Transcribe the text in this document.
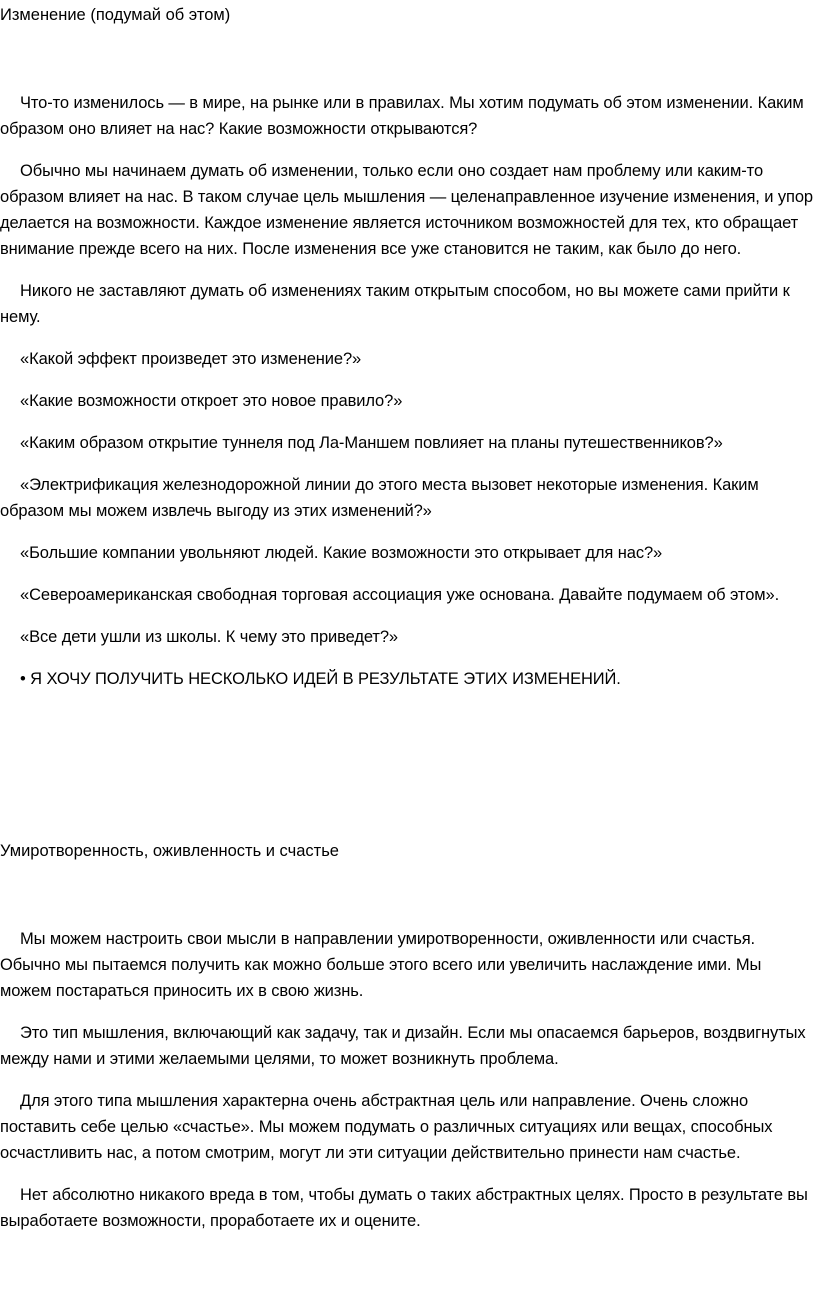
Изменение (подумай об этом)

Что-то изменилось — в мире, на рынке или в правилах. Мы хотим подумать об этом изменении. Каким образом оно влияет на нас? Какие возможности открываются?

Обычно мы начинаем думать об изменении, только если оно создает нам проблему или каким-то образом влияет на нас. В таком случае цель мышления — целенаправленное изучение изменения, и упор делается на возможности. Каждое изменение является источником возможностей для тех, кто обращает внимание прежде всего на них. После изменения все уже становится не таким, как было до него.

Никого не заставляют думать об изменениях таким открытым способом, но вы можете сами прийти к нему.

«Какой эффект произведет это изменение?»

«Какие возможности откроет это новое правило?»

«Каким образом открытие туннеля под Ла-Маншем повлияет на планы путешественников?»

«Электрификация железнодорожной линии до этого места вызовет некоторые изменения. Каким образом мы можем извлечь выгоду из этих изменений?»

«Большие компании увольняют людей. Какие возможности это открывает для нас?»

«Североамериканская свободная торговая ассоциация уже основана. Давайте подумаем об этом».

«Все дети ушли из школы. К чему это приведет?»

• Я ХОЧУ ПОЛУЧИТЬ НЕСКОЛЬКО ИДЕЙ В РЕЗУЛЬТАТЕ ЭТИХ ИЗМЕНЕНИЙ.

Умиротворенность, оживленность и счастье

Мы можем настроить свои мысли в направлении умиротворенности, оживленности или счастья. Обычно мы пытаемся получить как можно больше этого всего или увеличить наслаждение ими. Мы можем постараться приносить их в свою жизнь.

Это тип мышления, включающий как задачу, так и дизайн. Если мы опасаемся барьеров, воздвигнутых между нами и этими желаемыми целями, то может возникнуть проблема.

Для этого типа мышления характерна очень абстрактная цель или направление. Очень сложно поставить себе целью «счастье». Мы можем подумать о различных ситуациях или вещах, способных осчастливить нас, а потом смотрим, могут ли эти ситуации действительно принести нам счастье.

Нет абсолютно никакого вреда в том, чтобы думать о таких абстрактных целях. Просто в результате вы выработаете возможности, проработаете их и оцените.
